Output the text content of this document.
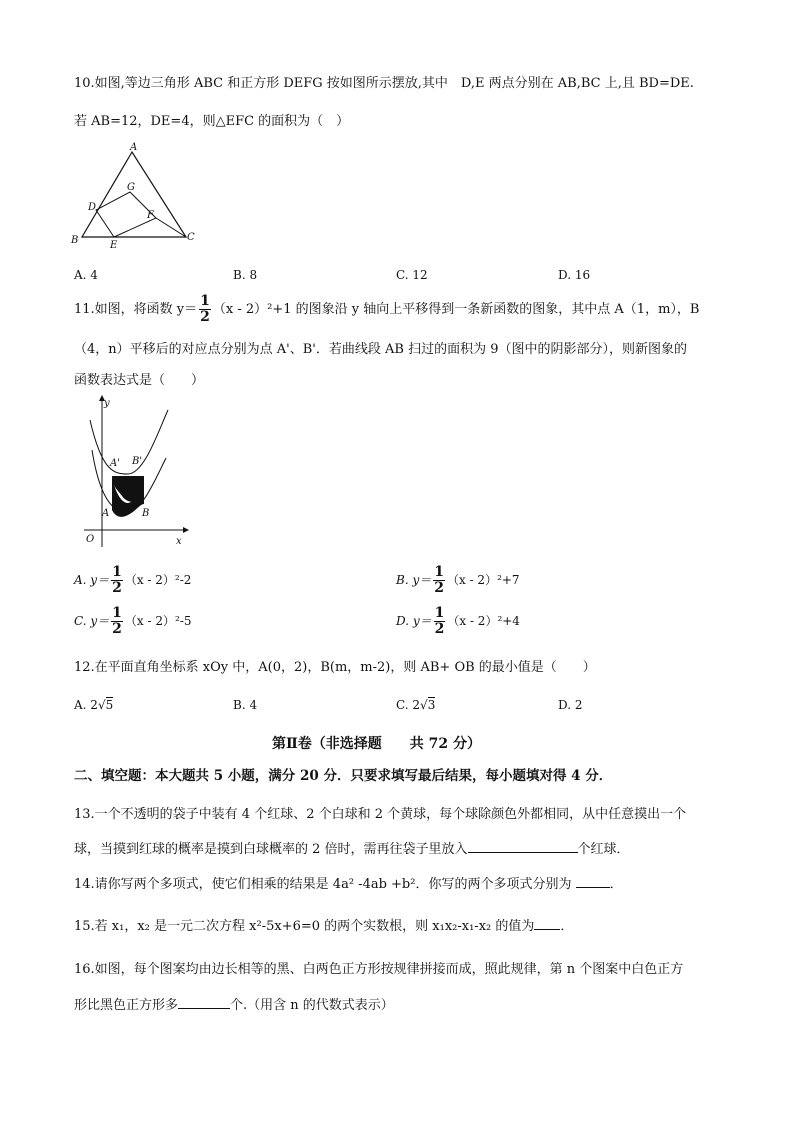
10.如图,等边三角形 ABC 和正方形 DEFG 按如图所示摆放,其中　D,E 两点分别在 AB,BC 上,且 BD=DE.
若 AB=12，DE=4，则△EFC 的面积为（　）
A
B	C
D
E
F
G
A. 4	B. 8	C. 12	D. 16
11.如图，将函数 $y= \frac{1}{2} (x - 2)^2+1$ 的图象沿 y 轴向上平移得到一条新函数的图象，其中点 A（1，m），B
（4，n）平移后的对应点分别为点 A'、B'．若曲线段 AB 扫过的面积为 9（图中的阴影部分），则新图象的
函数表达式是（　　）
y
x
O
A	B
A' B'
A. $y= \frac{1}{2} (x - 2)^2-2$	B. $y= \frac{1}{2} (x - 2)^2+7$
C. $y= \frac{1}{2} (x - 2)^2-5$	D. $y= \frac{1}{2} (x - 2)^2+4$
12.在平面直角坐标系 xOy 中，A(0，2)，B(m，m-2)，则 AB+ OB 的最小值是（　　）
A. 2√5	B. 4	C. 2√3	D. 2
第Ⅱ卷（非选择题　　共 72 分）
二、填空题：本大题共 5 小题，满分 20 分．只要求填写最后结果，每小题填对得 4 分．
13.一个不透明的袋子中装有 4 个红球、2 个白球和 2 个黄球，每个球除颜色外都相同，从中任意摸出一个
球，当摸到红球的概率是摸到白球概率的 2 倍时，需再往袋子里放入	个红球．
14.请你写两个多项式，使它们相乘的结果是 4a² -4ab +b²．你写的两个多项式分别为	．
15.若 x₁，x₂ 是一元二次方程 x²-5x+6=0 的两个实数根，则 x₁x₂-x₁-x₂ 的值为 ．
16.如图，每个图案均由边长相等的黑、白两色正方形按规律拼接而成，照此规律，第 n 个图案中白色正方
形比黑色正方形多	个.（用含 n 的代数式表示）
